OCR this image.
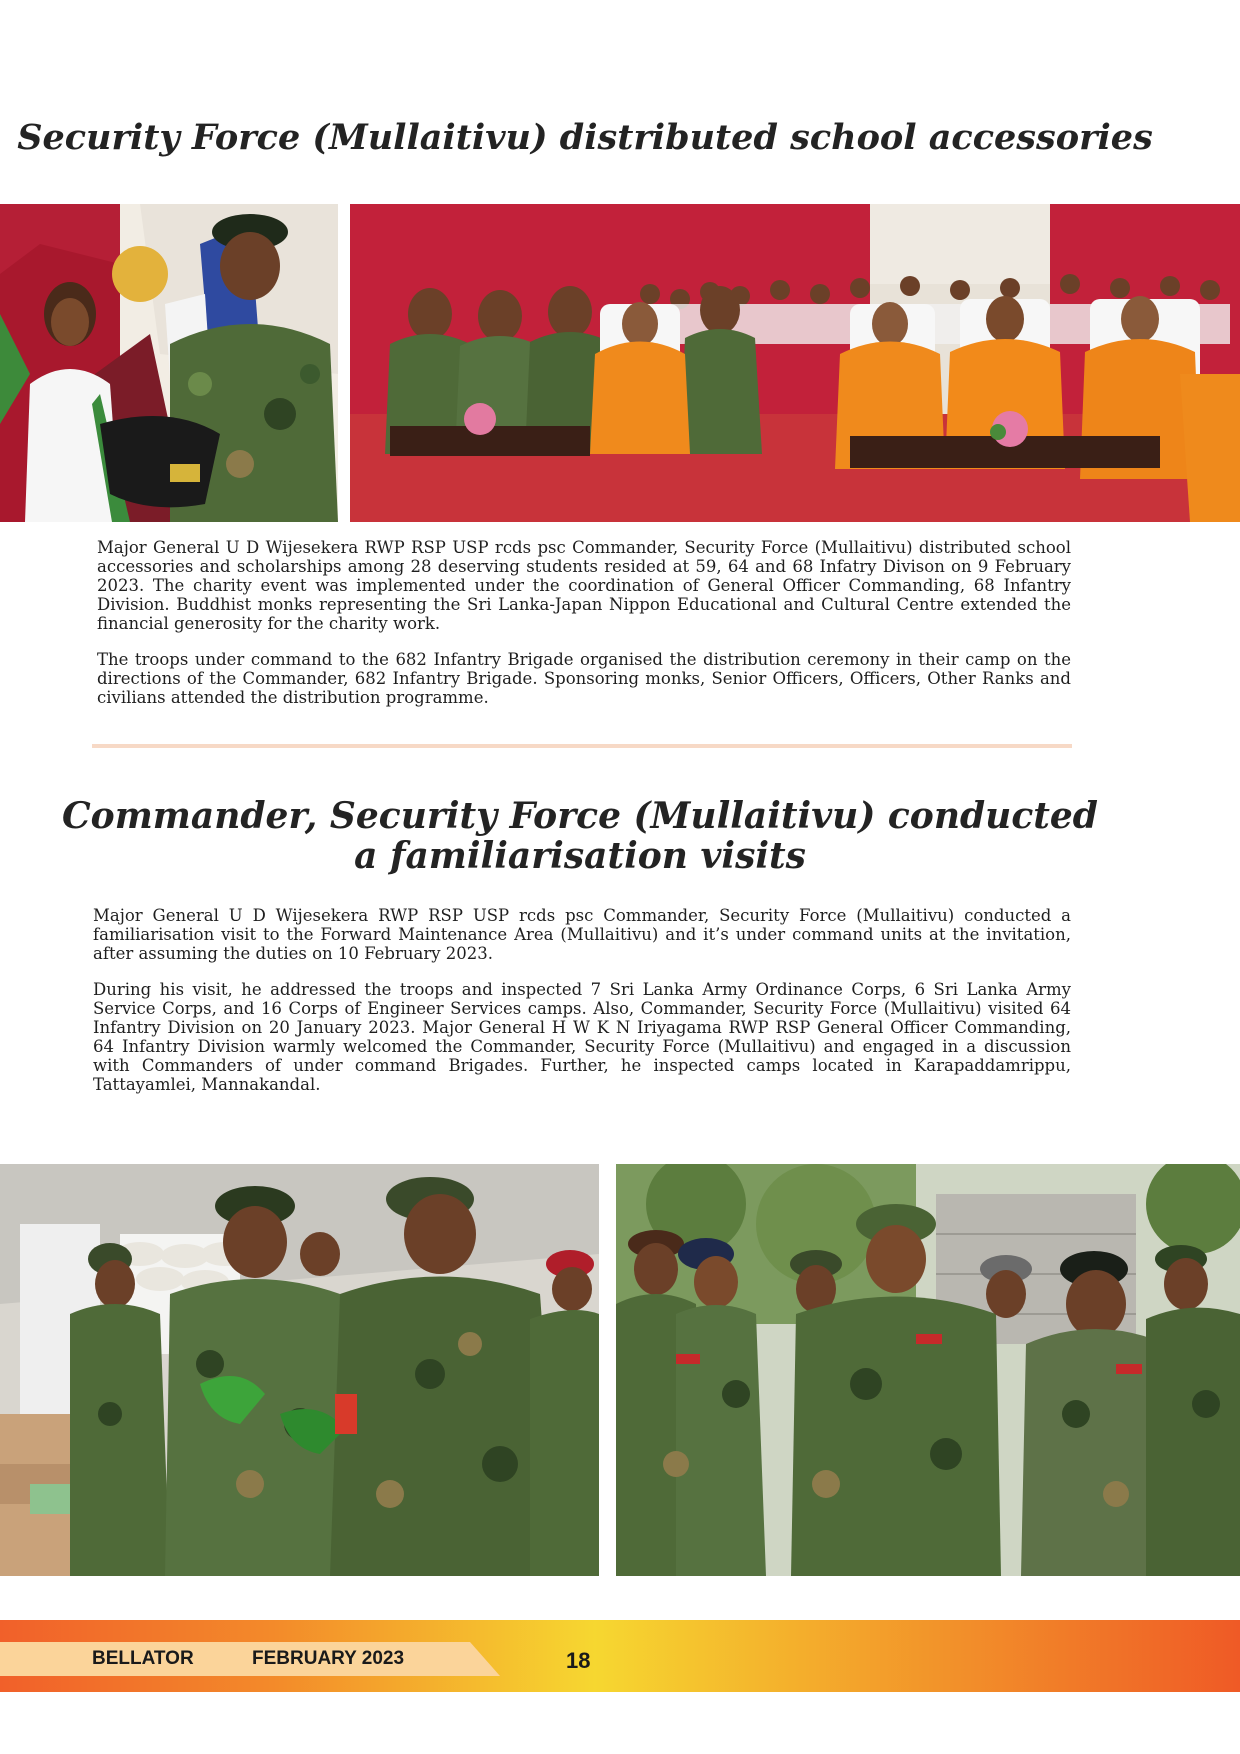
Security Force (Mullaitivu) distributed school accessories

Major General U D Wijesekera RWP RSP USP rcds psc Commander, Security Force (Mullaitivu) distributed school accessories and scholarships among 28 deserving students resided at 59, 64 and 68 Infatry Divison on 9 February 2023. The charity event was implemented under the coordination of General Officer Commanding, 68 Infantry Division. Buddhist monks representing the Sri Lanka-Japan Nippon Educational and Cultural Centre extended the financial generosity for the charity work.

The troops under command to the 682 Infantry Brigade organised the distribution ceremony in their camp on the directions of the Commander, 682 Infantry Brigade. Sponsoring monks, Senior Officers, Officers, Other Ranks and civilians attended the distribution programme.

Commander, Security Force (Mullaitivu) conducted a familiarisation visits

Major General U D Wijesekera RWP RSP USP rcds psc Commander, Security Force (Mullaitivu) conducted a familiarisation visit to the Forward Maintenance Area (Mullaitivu) and it’s under command units at the invitation, after assuming the duties on 10 February 2023.

During his visit, he addressed the troops and inspected 7 Sri Lanka Army Ordinance Corps, 6 Sri Lanka Army Service Corps, and 16 Corps of Engineer Services camps. Also, Commander, Security Force (Mullaitivu) visited 64 Infantry Division on 20 January 2023. Major General H W K N Iriyagama RWP RSP General Officer Commanding, 64 Infantry Division warmly welcomed the Commander, Security Force (Mullaitivu) and engaged in a discussion with Commanders of under command Brigades. Further, he inspected camps located in Karapaddamrippu, Tattayamlei, Mannakandal.

BELLATOR	FEBRUARY 2023	18
